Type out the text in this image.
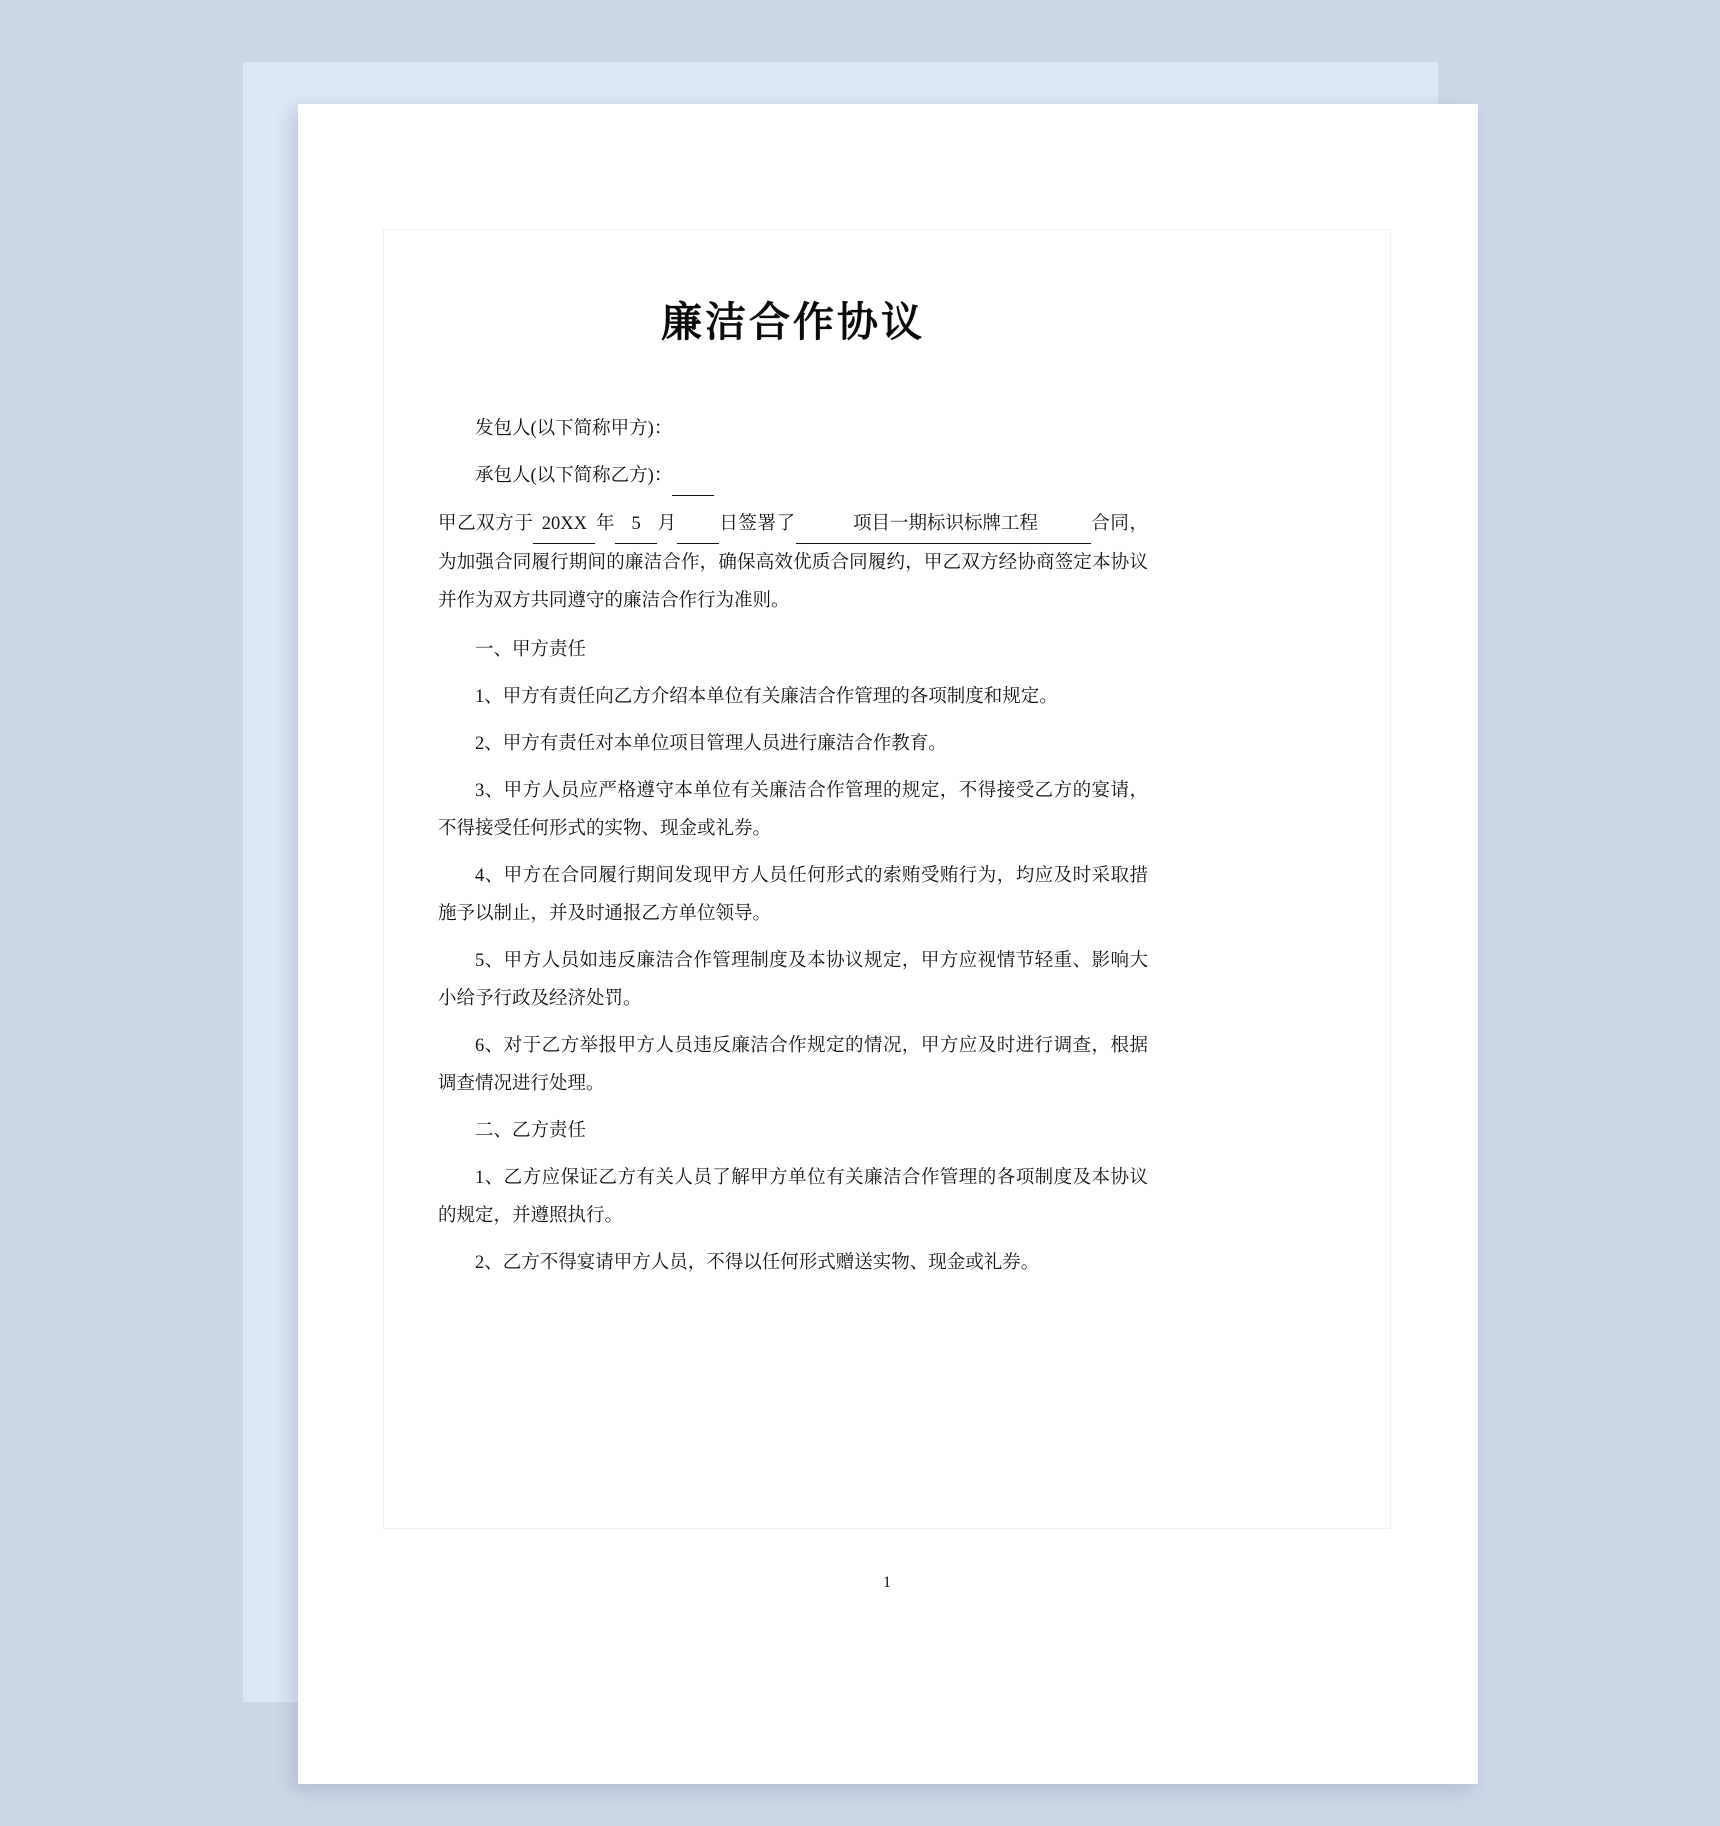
廉洁合作协议

发包人(以下简称甲方)：

承包人(以下简称乙方)：

甲乙双方于 20XX 年 5 月 日签署了	项目一期标识标牌工程	合同，为加强合同履行期间的廉洁合作，确保高效优质合同履约，甲乙双方经协商签定本协议并作为双方共同遵守的廉洁合作行为准则。

一、甲方责任

1、甲方有责任向乙方介绍本单位有关廉洁合作管理的各项制度和规定。

2、甲方有责任对本单位项目管理人员进行廉洁合作教育。

3、甲方人员应严格遵守本单位有关廉洁合作管理的规定，不得接受乙方的宴请，不得接受任何形式的实物、现金或礼券。

4、甲方在合同履行期间发现甲方人员任何形式的索贿受贿行为，均应及时采取措施予以制止，并及时通报乙方单位领导。

5、甲方人员如违反廉洁合作管理制度及本协议规定，甲方应视情节轻重、影响大小给予行政及经济处罚。

6、对于乙方举报甲方人员违反廉洁合作规定的情况，甲方应及时进行调查，根据调查情况进行处理。

二、乙方责任

1、乙方应保证乙方有关人员了解甲方单位有关廉洁合作管理的各项制度及本协议的规定，并遵照执行。

2、乙方不得宴请甲方人员，不得以任何形式赠送实物、现金或礼券。

1
